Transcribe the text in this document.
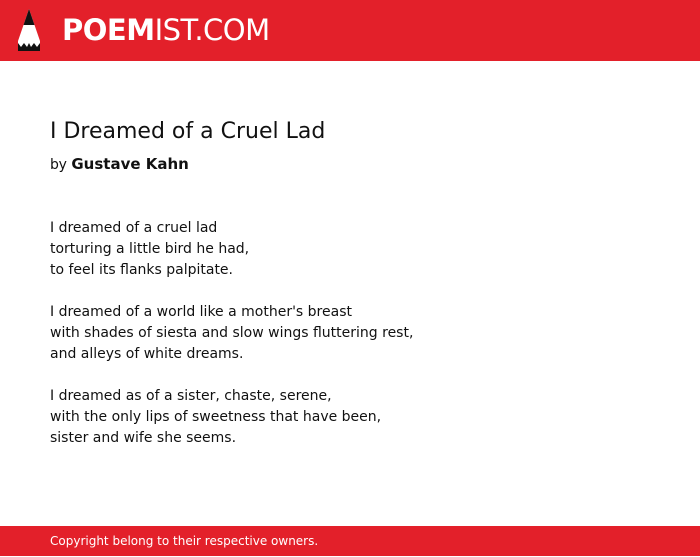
POEMIST.COM
I Dreamed of a Cruel Lad
by Gustave Kahn
I dreamed of a cruel lad
torturing a little bird he had,
to feel its flanks palpitate.
I dreamed of a world like a mother's breast
with shades of siesta and slow wings fluttering rest,
and alleys of white dreams.
I dreamed as of a sister, chaste, serene,
with the only lips of sweetness that have been,
sister and wife she seems.
Copyright belong to their respective owners.
